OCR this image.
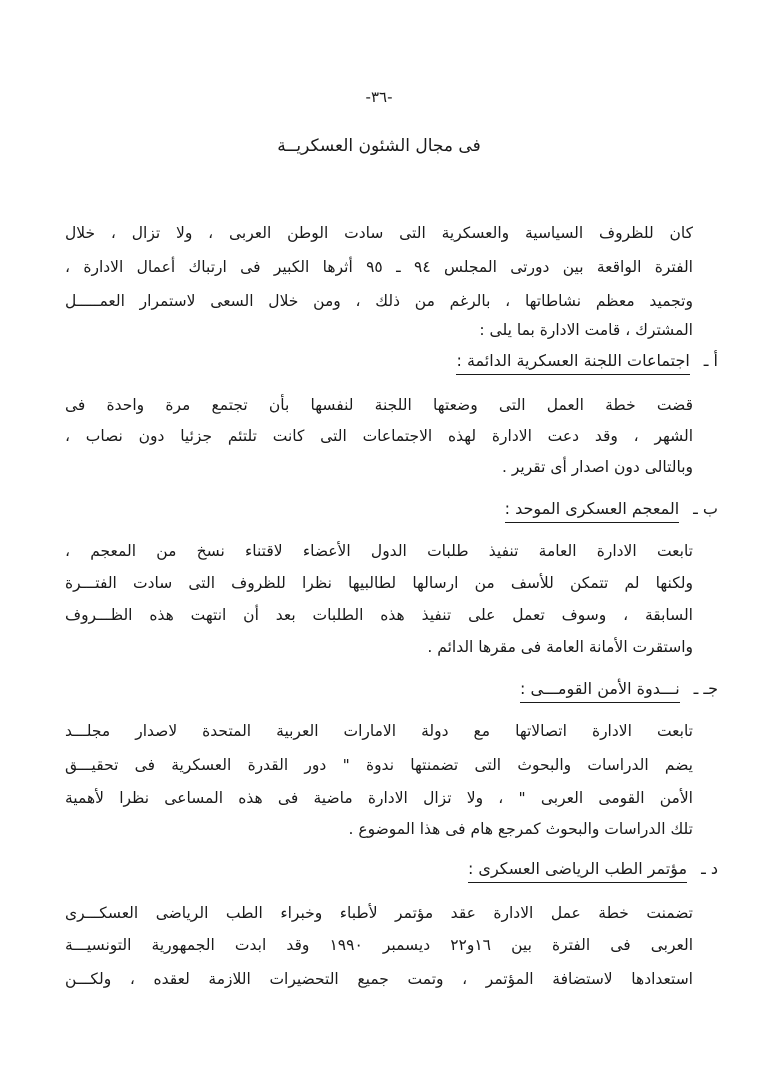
-٣٦-
فى مجال الشئون العسكريــة
كان للظروف السياسية والعسكرية التى سادت الوطن العربى ، ولا تزال ، خلال
الفترة الواقعة بين دورتى المجلس ٩٤ ـ ٩٥ أثرها الكبير فى ارتباك أعمال الادارة ،
وتجميد معظم نشاطاتها ، بالرغم من ذلك ، ومن خلال السعى لاستمرار العمـــــل
المشترك ، قامت الادارة بما يلى :
أ ـاجتماعات اللجنة العسكرية الدائمة :
قضت خطة العمل التى وضعتها اللجنة لنفسها بأن تجتمع مرة واحدة فى
الشهر ، وقد دعت الادارة لهذه الاجتماعات التى كانت تلتئم جزئيا دون نصاب ،
وبالتالى دون اصدار أى تقرير .
ب ـالمعجم العسكرى الموحد :
تابعت الادارة العامة تنفيذ طلبات الدول الأعضاء لاقتناء نسخ من المعجم ،
ولكنها لم تتمكن للأسف من ارسالها لطالبيها نظرا للظروف التى سادت الفتـــرة
السابقة ، وسوف تعمل على تنفيذ هذه الطلبات بعد أن انتهت هذه الظـــروف
واستقرت الأمانة العامة فى مقرها الدائم .
جـ ـنـــدوة الأمن القومـــى :
تابعت الادارة اتصالاتها مع دولة الامارات العربية المتحدة لاصدار مجلـــد
يضم الدراسات والبحوث التى تضمنتها ندوة " دور القدرة العسكرية فى تحقيـــق
الأمن القومى العربى " ، ولا تزال الادارة ماضية فى هذه المساعى نظرا لأهمية
تلك الدراسات والبحوث كمرجع هام فى هذا الموضوع .
د ـمؤتمر الطب الرياضى العسكرى :
تضمنت خطة عمل الادارة عقد مؤتمر لأطباء وخبراء الطب الرياضى العسكـــرى
العربى فى الفترة بين ١٦و٢٢ ديسمبر ١٩٩٠ وقد ابدت الجمهورية التونسيـــة
استعدادها لاستضافة المؤتمر ، وتمت جميع التحضيرات اللازمة لعقده ، ولكـــن
